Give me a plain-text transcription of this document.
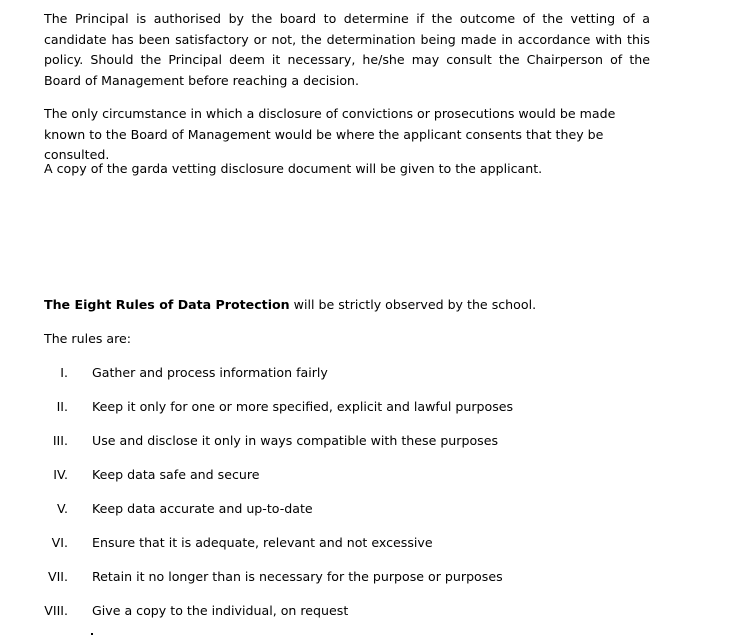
The Principal is authorised by the board to determine if the outcome of the vetting of a candidate has been satisfactory or not, the determination being made in accordance with this policy. Should the Principal deem it necessary, he/she may consult the Chairperson of the Board of Management before reaching a decision.

The only circumstance in which a disclosure of convictions or prosecutions would be made known to the Board of Management would be where the applicant consents that they be consulted.

A copy of the garda vetting disclosure document will be given to the applicant.

The Eight Rules of Data Protection will be strictly observed by the school.

The rules are:

I. Gather and process information fairly
II. Keep it only for one or more specified, explicit and lawful purposes
III. Use and disclose it only in ways compatible with these purposes
IV. Keep data safe and secure
V. Keep data accurate and up-to-date
VI. Ensure that it is adequate, relevant and not excessive
VII. Retain it no longer than is necessary for the purpose or purposes
VIII. Give a copy to the individual, on request
